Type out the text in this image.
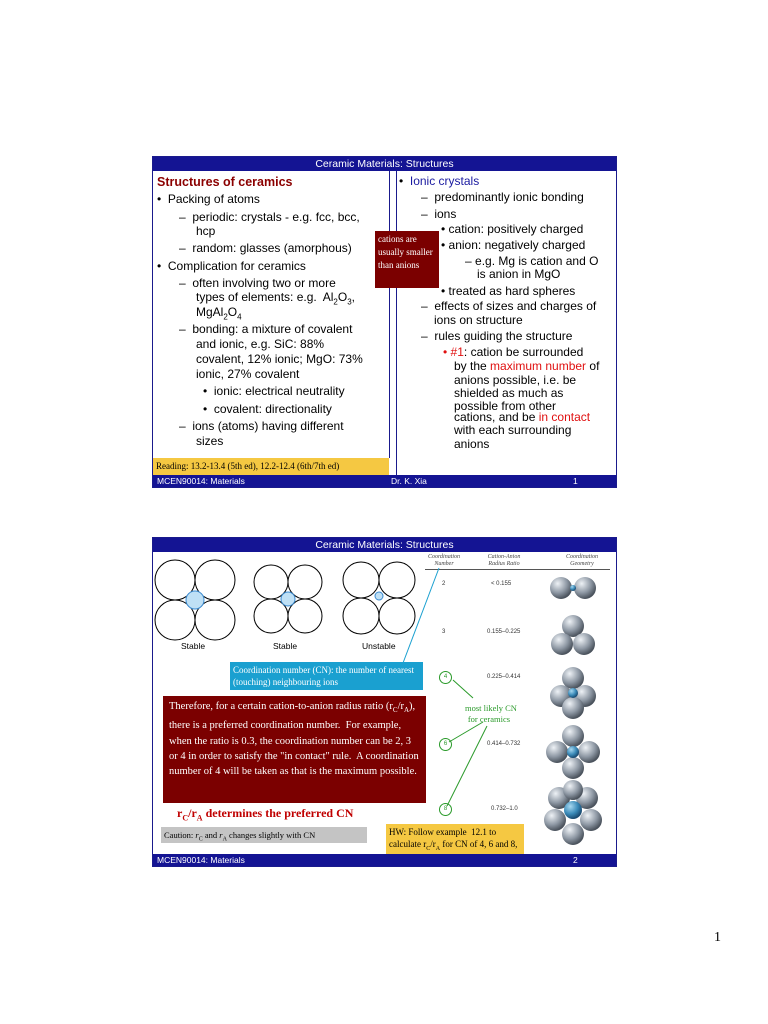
Ceramic Materials: Structures
Structures of ceramics
•  Packing of atoms
–  periodic: crystals - e.g. fcc, bcc,
hcp
–  random: glasses (amorphous)
•  Complication for ceramics
–  often involving two or more
types of elements: e.g.  $Al_2O_3$,
$MgAl_2O_4$
–  bonding: a mixture of covalent
and ionic, e.g. SiC: 88%
covalent, 12% ionic; MgO: 73%
ionic, 27% covalent
•  ionic: electrical neutrality
•  covalent: directionality
–  ions (atoms) having different
sizes
cations are usually smaller than anions
•  Ionic crystals
–  predominantly ionic bonding
–  ions
• cation: positively charged
• anion: negatively charged
– e.g. Mg is cation and O
is anion in MgO
• treated as hard spheres
–  effects of sizes and charges of
ions on structure
–  rules guiding the structure
• #1: cation be surrounded
by the maximum number of
anions possible, i.e. be
shielded as much as
possible from other
cations, and be in contact
with each surrounding
anions
Reading: 13.2-13.4 (5th ed), 12.2-12.4 (6th/7th ed)
MCEN90014: Materials	Dr. K. Xia	1
Ceramic Materials: Structures
Stable	Stable	Unstable
Coordination Number
Cation-Anion Radius Ratio
Coordination Geometry
2	< 0.155
3	0.155–0.225
4	0.225–0.414
6	0.414–0.732
8	0.732–1.0
Coordination number (CN): the number of nearest (touching) neighbouring ions
Therefore, for a certain cation-to-anion radius ratio $(r_C/r_A)$, there is a preferred coordination number.  For example, when the ratio is 0.3, the coordination number can be 2, 3 or 4 in order to satisfy the "in contact" rule.  A coordination number of 4 will be taken as that is the maximum possible.
$r_C/r_A$ determines the preferred CN
Caution: $r_C$ and $r_A$ changes slightly with CN
most likely CN
for ceramics
HW: Follow example  12.1 to calculate $r_C/r_A$ for CN of 4, 6 and 8,
MCEN90014: Materials	2
1
